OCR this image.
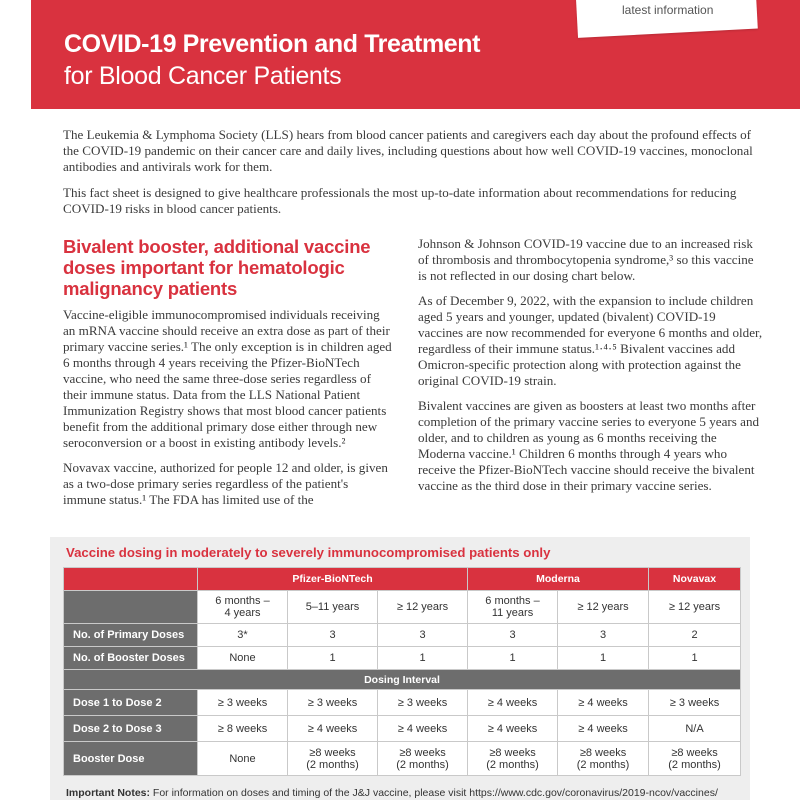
COVID-19 Prevention and Treatment
for Blood Cancer Patients
latest information

The Leukemia & Lymphoma Society (LLS) hears from blood cancer patients and caregivers each day about the profound effects of the COVID-19 pandemic on their cancer care and daily lives, including questions about how well COVID-19 vaccines, monoclonal antibodies and antivirals work for them.

This fact sheet is designed to give healthcare professionals the most up-to-date information about recommendations for reducing COVID-19 risks in blood cancer patients.

Bivalent booster, additional vaccine doses important for hematologic malignancy patients

Vaccine-eligible immunocompromised individuals receiving an mRNA vaccine should receive an extra dose as part of their primary vaccine series.¹ The only exception is in children aged 6 months through 4 years receiving the Pfizer-BioNTech vaccine, who need the same three-dose series regardless of their immune status. Data from the LLS National Patient Immunization Registry shows that most blood cancer patients benefit from the additional primary dose either through new seroconversion or a boost in existing antibody levels.²

Novavax vaccine, authorized for people 12 and older, is given as a two-dose primary series regardless of the patient's immune status.¹ The FDA has limited use of the

Johnson & Johnson COVID-19 vaccine due to an increased risk of thrombosis and thrombocytopenia syndrome,³ so this vaccine is not reflected in our dosing chart below.

As of December 9, 2022, with the expansion to include children aged 5 years and younger, updated (bivalent) COVID-19 vaccines are now recommended for everyone 6 months and older, regardless of their immune status.¹·⁴·⁵ Bivalent vaccines add Omicron-specific protection along with protection against the original COVID-19 strain.

Bivalent vaccines are given as boosters at least two months after completion of the primary vaccine series to everyone 5 years and older, and to children as young as 6 months receiving the Moderna vaccine.¹ Children 6 months through 4 years who receive the Pfizer-BioNTech vaccine should receive the bivalent vaccine as the third dose in their primary vaccine series.

Vaccine dosing in moderately to severely immunocompromised patients only
	Pfizer-BioNTech			Moderna		Novavax
	6 months –
4 years	5–11 years	≥ 12 years	6 months –
11 years	≥ 12 years	≥ 12 years
No. of Primary Doses	3*	3	3	3	3	2
No. of Booster Doses	None	1	1	1	1	1
Dosing Interval						
Dose 1 to Dose 2	≥ 3 weeks	≥ 3 weeks	≥ 3 weeks	≥ 4 weeks	≥ 4 weeks	≥ 3 weeks
Dose 2 to Dose 3	≥ 8 weeks	≥ 4 weeks	≥ 4 weeks	≥ 4 weeks	≥ 4 weeks	N/A
Booster Dose	None	≥8 weeks
(2 months)	≥8 weeks
(2 months)	≥8 weeks
(2 months)	≥8 weeks
(2 months)	≥8 weeks
(2 months)
Important Notes: For information on doses and timing of the J&J vaccine, please visit https://www.cdc.gov/coronavirus/2019-ncov/vaccines/
